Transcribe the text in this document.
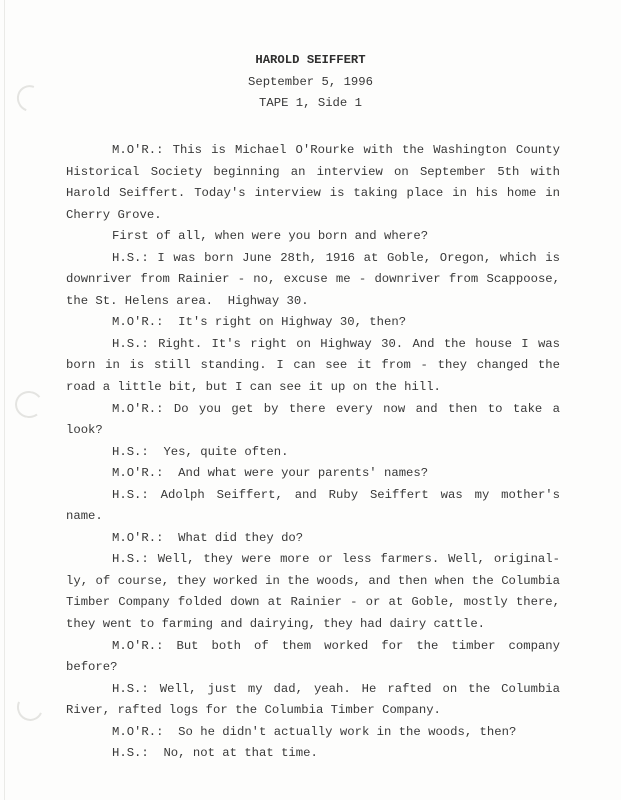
HAROLD SEIFFERT
September 5, 1996
TAPE 1, Side 1
M.O'R.: This is Michael O'Rourke with the Washington County
Historical Society beginning an interview on September 5th with
Harold Seiffert. Today's interview is taking place in his home in
Cherry Grove.
First of all, when were you born and where?
H.S.: I was born June 28th, 1916 at Goble, Oregon, which is
downriver from Rainier - no, excuse me - downriver from Scappoose,
the St. Helens area.  Highway 30.
M.O'R.:  It's right on Highway 30, then?
H.S.: Right. It's right on Highway 30. And the house I was
born in is still standing. I can see it from - they changed the
road a little bit, but I can see it up on the hill.
M.O'R.: Do you get by there every now and then to take a
look?
H.S.:  Yes, quite often.
M.O'R.:  And what were your parents' names?
H.S.: Adolph Seiffert, and Ruby Seiffert was my mother's
name.
M.O'R.:  What did they do?
H.S.: Well, they were more or less farmers. Well, original-
ly, of course, they worked in the woods, and then when the Columbia
Timber Company folded down at Rainier - or at Goble, mostly there,
they went to farming and dairying, they had dairy cattle.
M.O'R.: But both of them worked for the timber company
before?
H.S.: Well, just my dad, yeah. He rafted on the Columbia
River, rafted logs for the Columbia Timber Company.
M.O'R.:  So he didn't actually work in the woods, then?
H.S.:  No, not at that time.
